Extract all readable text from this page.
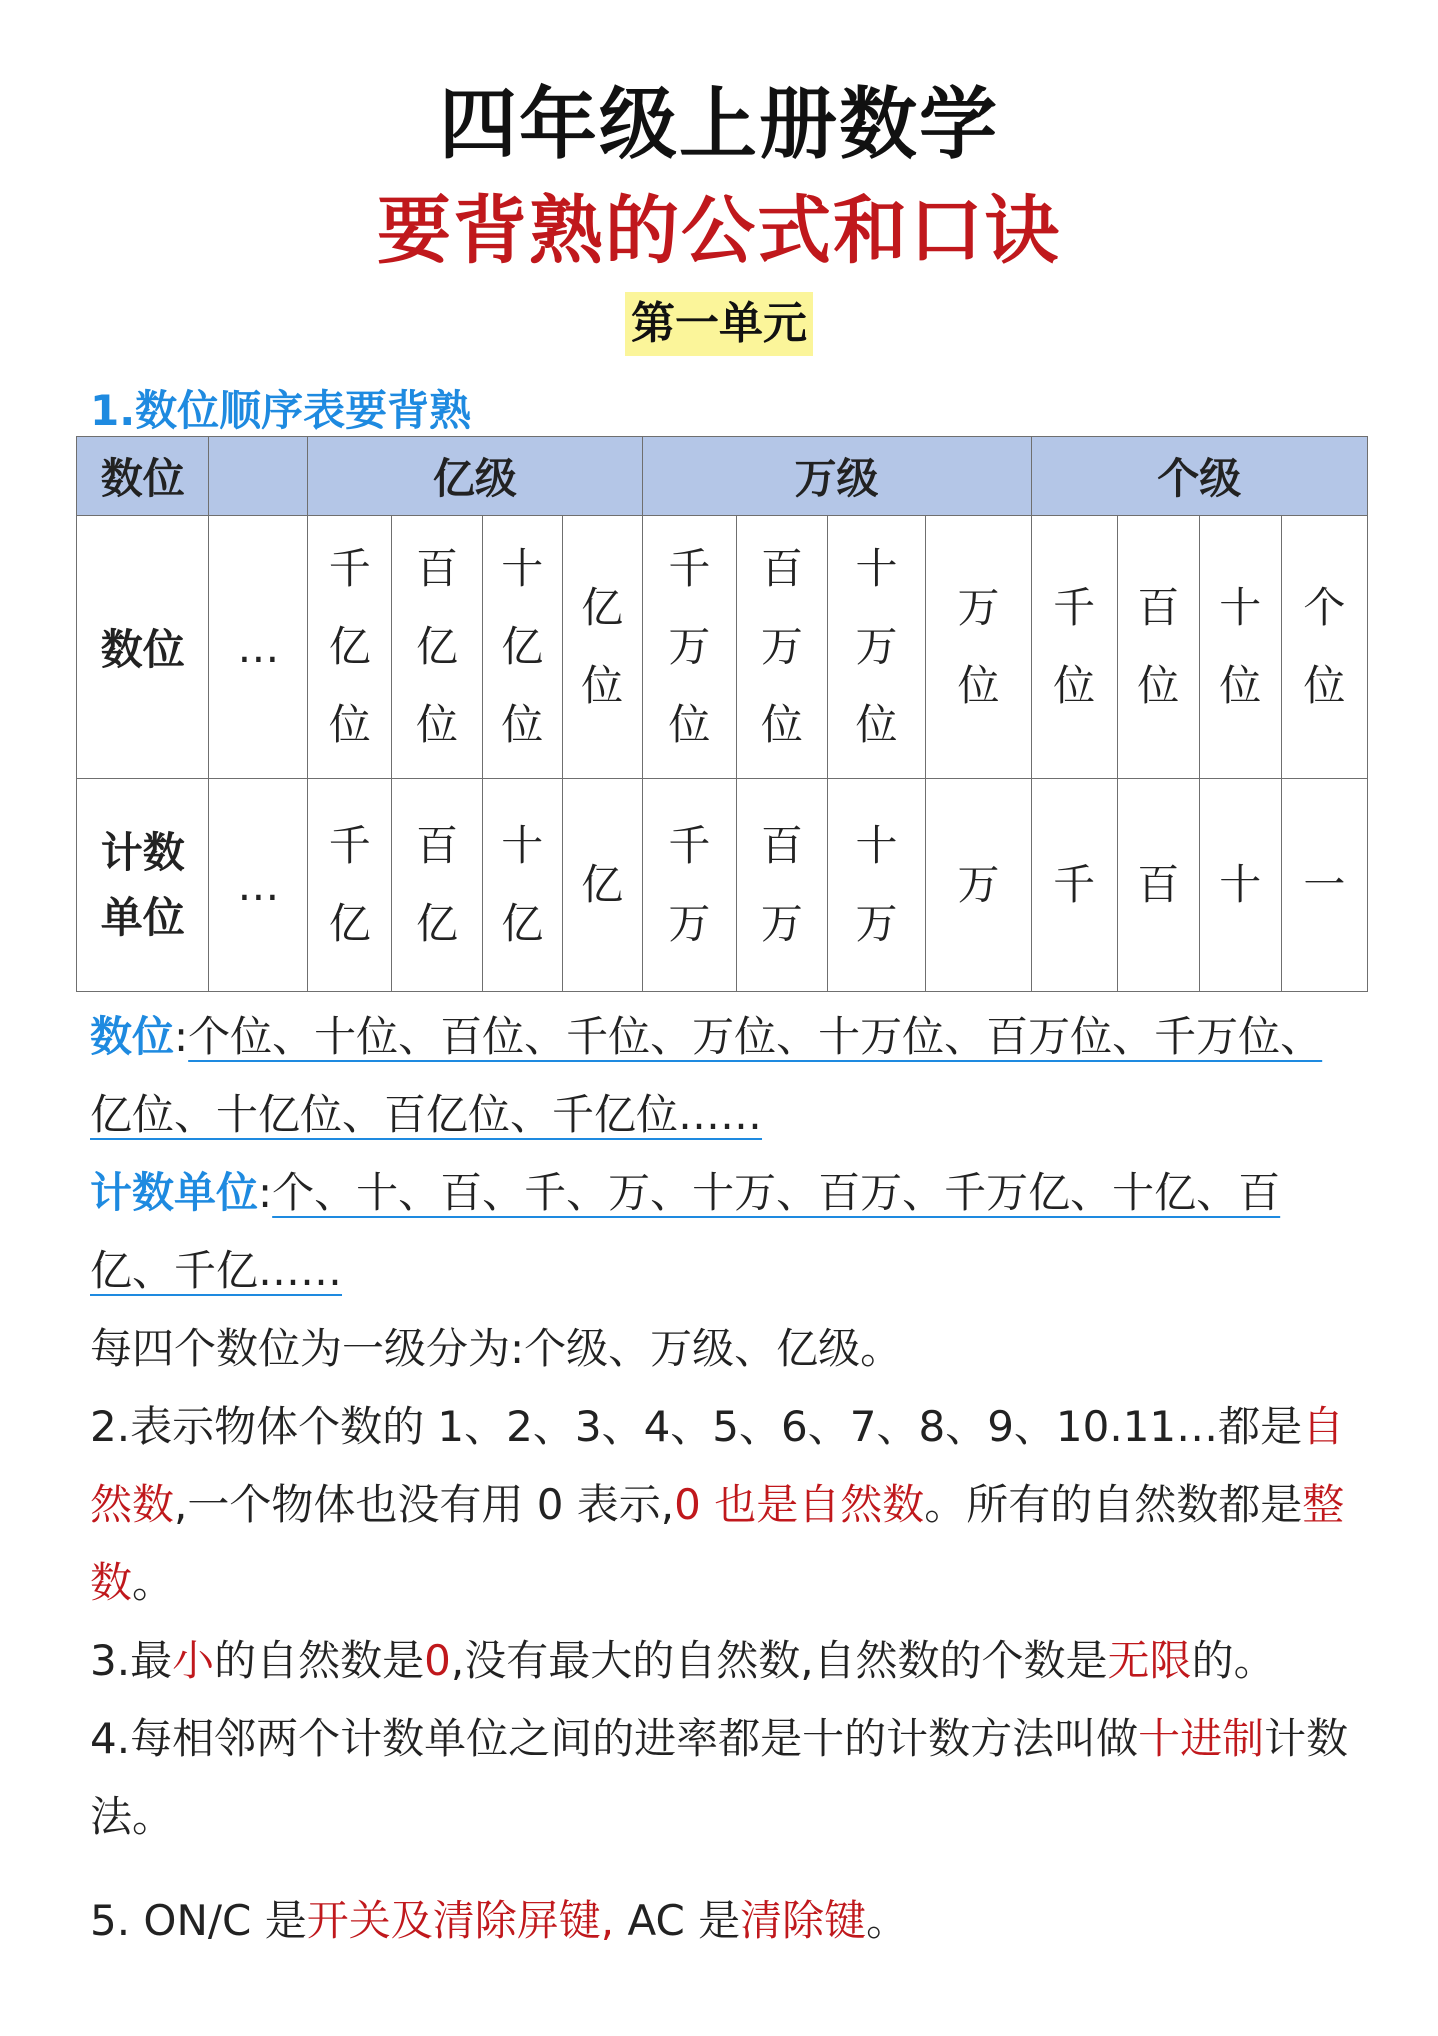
四年级上册数学
要背熟的公式和口诀
第一单元
1.数位顺序表要背熟
数位		亿级				万级				个级			
数位	…	千亿位	百亿位	十亿位	亿位	千万位	百万位	十万位	万位	千位	百位	十位	个位
计数单位	…	千亿	百亿	十亿	亿	千万	百万	十万	万	千	百	十	一
数位:个位、十位、百位、千位、万位、十万位、百万位、千万位、亿位、十亿位、百亿位、千亿位……
计数单位:个、十、百、千、万、十万、百万、千万亿、十亿、百亿、千亿……
每四个数位为一级分为:个级、万级、亿级。
2.表示物体个数的 1、2、3、4、5、6、7、8、9、10.11…都是自然数,一个物体也没有用 0 表示,0 也是自然数。所有的自然数都是整数。
3.最小的自然数是0,没有最大的自然数,自然数的个数是无限的。
4.每相邻两个计数单位之间的进率都是十的计数方法叫做十进制计数法。
5. ON/C 是开关及清除屏键, AC 是清除键。
